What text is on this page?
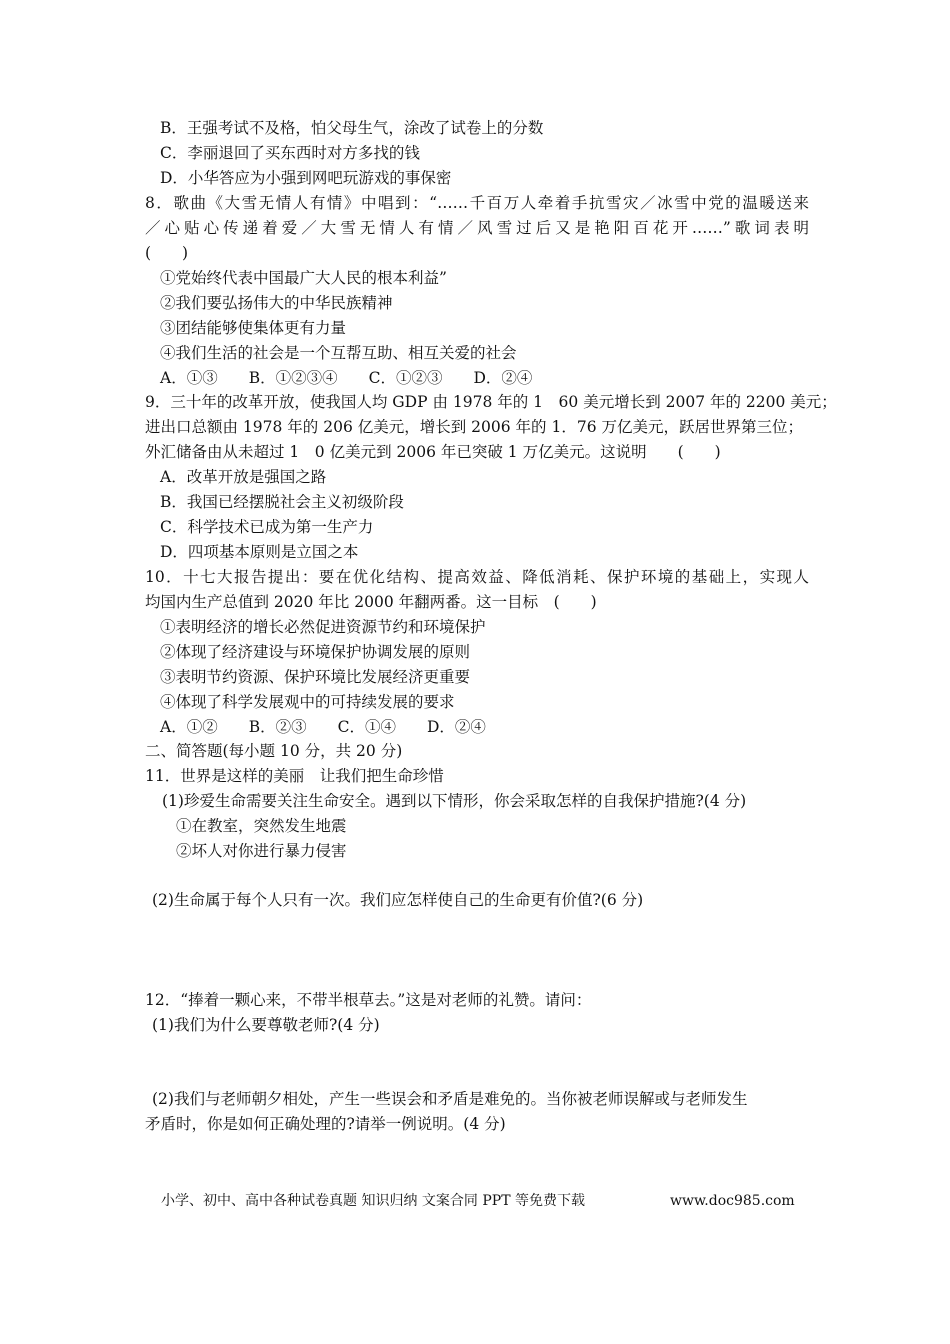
B．王强考试不及格，怕父母生气，涂改了试卷上的分数
C．李丽退回了买东西时对方多找的钱
D．小华答应为小强到网吧玩游戏的事保密
8．歌曲《大雪无情人有情》中唱到：“……千百万人牵着手抗雪灾／冰雪中党的温暖送来
／心贴心传递着爱／大雪无情人有情／风雪过后又是艳阳百花开……”歌词表明
(　　)
①党始终代表中国最广大人民的根本利益”
②我们要弘扬伟大的中华民族精神
③团结能够使集体更有力量
④我们生活的社会是一个互帮互助、相互关爱的社会
A．①③　　B．①②③④　　C．①②③　　D．②④
9．三十年的改革开放，使我国人均 GDP 由 1978 年的 1　60 美元增长到 2007 年的 2200 美元；
进出口总额由 1978 年的 206 亿美元，增长到 2006 年的 1．76 万亿美元，跃居世界第三位；
外汇储备由从未超过 1　0 亿美元到 2006 年已突破 1 万亿美元。这说明　　(　　)
A．改革开放是强国之路
B．我国已经摆脱社会主义初级阶段
C．科学技术已成为第一生产力
D．四项基本原则是立国之本
10．十七大报告提出：要在优化结构、提高效益、降低消耗、保护环境的基础上，实现人
均国内生产总值到 2020 年比 2000 年翻两番。这一目标　(　　)
①表明经济的增长必然促进资源节约和环境保护
②体现了经济建设与环境保护协调发展的原则
③表明节约资源、保护环境比发展经济更重要
④体现了科学发展观中的可持续发展的要求
A．①②　　B．②③　　C．①④　　D．②④
二、简答题(每小题 10 分，共 20 分)
11．世界是这样的美丽　让我们把生命珍惜
(1)珍爱生命需要关注生命安全。遇到以下情形，你会采取怎样的自我保护措施?(4 分)
①在教室，突然发生地震
②坏人对你进行暴力侵害
(2)生命属于每个人只有一次。我们应怎样使自己的生命更有价值?(6 分)
12．“捧着一颗心来，不带半根草去。”这是对老师的礼赞。请问：
(1)我们为什么要尊敬老师?(4 分)
(2)我们与老师朝夕相处，产生一些误会和矛盾是难免的。当你被老师误解或与老师发生
矛盾时，你是如何正确处理的?请举一例说明。(4 分)
小学、初中、高中各种试卷真题 知识归纳 文案合同 PPT 等免费下载	www.doc985.com
